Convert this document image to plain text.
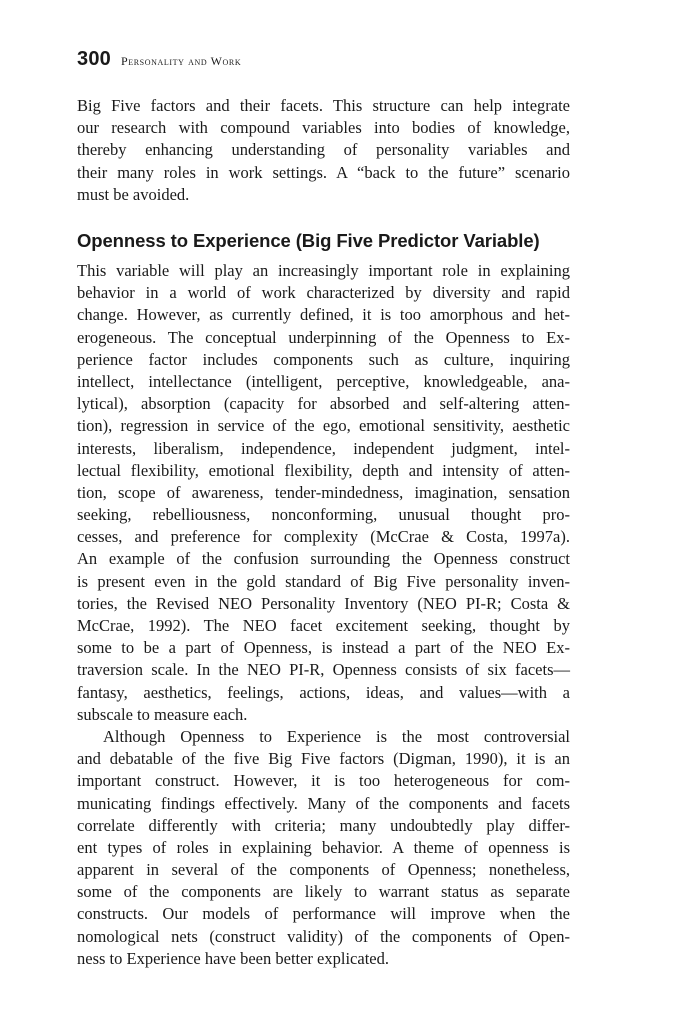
300 Personality and Work
Big Five factors and their facets. This structure can help integrate
our research with compound variables into bodies of knowledge,
thereby enhancing understanding of personality variables and
their many roles in work settings. A “back to the future” scenario
must be avoided.
Openness to Experience (Big Five Predictor Variable)
This variable will play an increasingly important role in explaining
behavior in a world of work characterized by diversity and rapid
change. However, as currently defined, it is too amorphous and het-
erogeneous. The conceptual underpinning of the Openness to Ex-
perience factor includes components such as culture, inquiring
intellect, intellectance (intelligent, perceptive, knowledgeable, ana-
lytical), absorption (capacity for absorbed and self-altering atten-
tion), regression in service of the ego, emotional sensitivity, aesthetic
interests, liberalism, independence, independent judgment, intel-
lectual flexibility, emotional flexibility, depth and intensity of atten-
tion, scope of awareness, tender-mindedness, imagination, sensation
seeking, rebelliousness, nonconforming, unusual thought pro-
cesses, and preference for complexity (McCrae & Costa, 1997a).
An example of the confusion surrounding the Openness construct
is present even in the gold standard of Big Five personality inven-
tories, the Revised NEO Personality Inventory (NEO PI-R; Costa &
McCrae, 1992). The NEO facet excitement seeking, thought by
some to be a part of Openness, is instead a part of the NEO Ex-
traversion scale. In the NEO PI-R, Openness consists of six facets—
fantasy, aesthetics, feelings, actions, ideas, and values—with a
subscale to measure each.
Although Openness to Experience is the most controversial
and debatable of the five Big Five factors (Digman, 1990), it is an
important construct. However, it is too heterogeneous for com-
municating findings effectively. Many of the components and facets
correlate differently with criteria; many undoubtedly play differ-
ent types of roles in explaining behavior. A theme of openness is
apparent in several of the components of Openness; nonetheless,
some of the components are likely to warrant status as separate
constructs. Our models of performance will improve when the
nomological nets (construct validity) of the components of Open-
ness to Experience have been better explicated.
